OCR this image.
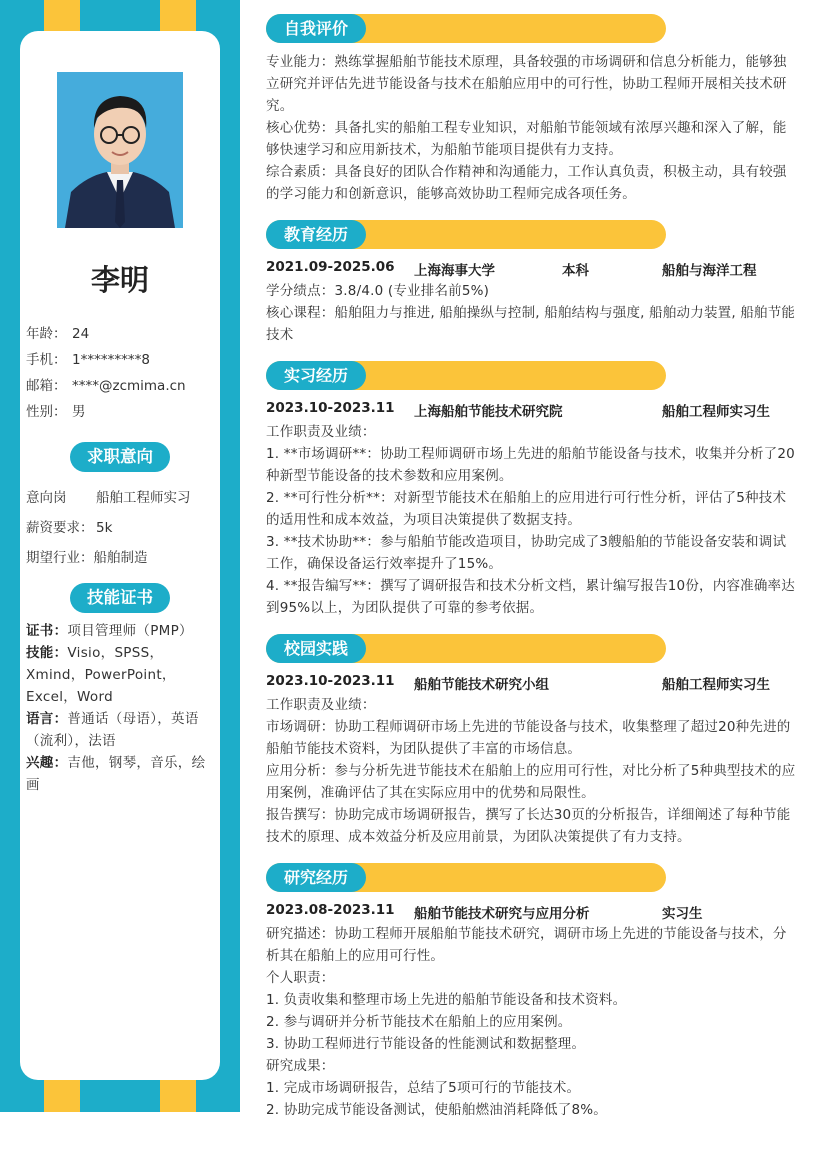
李明
年龄： 24
手机： 1*********8
邮箱： ****@zcmima.cn
性别： 男
求职意向
意向岗 船舶工程师实习
薪资要求： 5k
期望行业：船舶制造
技能证书
证书：项目管理师（PMP）
技能：Visio，SPSS，Xmind，PowerPoint，Excel，Word
语言：普通话（母语），英语（流利），法语
兴趣：吉他，钢琴，音乐，绘画
自我评价

专业能力：熟练掌握船舶节能技术原理，具备较强的市场调研和信息分析能力，能够独立研究并评估先进节能设备与技术在船舶应用中的可行性，协助工程师开展相关技术研究。

核心优势：具备扎实的船舶工程专业知识，对船舶节能领域有浓厚兴趣和深入了解，能够快速学习和应用新技术，为船舶节能项目提供有力支持。

综合素质：具备良好的团队合作精神和沟通能力，工作认真负责，积极主动，具有较强的学习能力和创新意识，能够高效协助工程师完成各项任务。

教育经历
2021.09-2025.06 上海海事大学	本科	船舶与海洋工程

学分绩点：3.8/4.0 (专业排名前5%)

核心课程：船舶阻力与推进, 船舶操纵与控制, 船舶结构与强度, 船舶动力装置, 船舶节能技术

实习经历
2023.10-2023.11 上海船舶节能技术研究院	船舶工程师实习生

工作职责及业绩：

1. **市场调研**：协助工程师调研市场上先进的船舶节能设备与技术，收集并分析了20种新型节能设备的技术参数和应用案例。

2. **可行性分析**：对新型节能技术在船舶上的应用进行可行性分析，评估了5种技术的适用性和成本效益，为项目决策提供了数据支持。

3. **技术协助**：参与船舶节能改造项目，协助完成了3艘船舶的节能设备安装和调试工作，确保设备运行效率提升了15%。

4. **报告编写**：撰写了调研报告和技术分析文档，累计编写报告10份，内容准确率达到95%以上，为团队提供了可靠的参考依据。

校园实践
2023.10-2023.11 船舶节能技术研究小组	船舶工程师实习生

工作职责及业绩：

市场调研：协助工程师调研市场上先进的节能设备与技术，收集整理了超过20种先进的船舶节能技术资料，为团队提供了丰富的市场信息。

应用分析：参与分析先进节能技术在船舶上的应用可行性，对比分析了5种典型技术的应用案例，准确评估了其在实际应用中的优势和局限性。

报告撰写：协助完成市场调研报告，撰写了长达30页的分析报告，详细阐述了每种节能技术的原理、成本效益分析及应用前景，为团队决策提供了有力支持。

研究经历
2023.08-2023.11 船舶节能技术研究与应用分析	实习生

研究描述：协助工程师开展船舶节能技术研究，调研市场上先进的节能设备与技术，分析其在船舶上的应用可行性。

个人职责：

1. 负责收集和整理市场上先进的船舶节能设备和技术资料。

2. 参与调研并分析节能技术在船舶上的应用案例。

3. 协助工程师进行节能设备的性能测试和数据整理。

研究成果：

1. 完成市场调研报告，总结了5项可行的节能技术。

2. 协助完成节能设备测试，使船舶燃油消耗降低了8%。
